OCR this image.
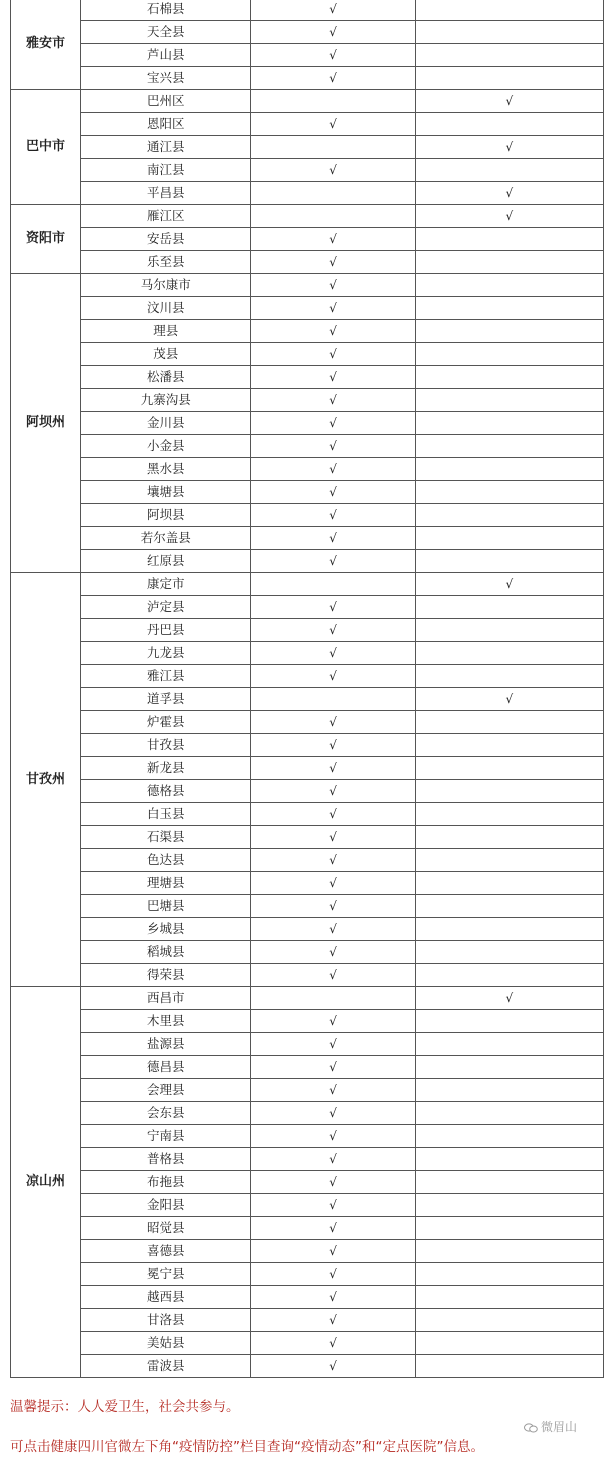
雅安市	石棉县	√	
	天全县	√	
	芦山县	√	
	宝兴县	√	
巴中市	巴州区		√
	恩阳区	√	
	通江县		√
	南江县	√	
	平昌县		√
资阳市	雁江区		√
	安岳县	√	
	乐至县	√	
阿坝州	马尔康市	√	
	汶川县	√	
	理县	√	
	茂县	√	
	松潘县	√	
	九寨沟县	√	
	金川县	√	
	小金县	√	
	黑水县	√	
	壤塘县	√	
	阿坝县	√	
	若尔盖县	√	
	红原县	√	
甘孜州	康定市		√
	泸定县	√	
	丹巴县	√	
	九龙县	√	
	雅江县	√	
	道孚县		√
	炉霍县	√	
	甘孜县	√	
	新龙县	√	
	德格县	√	
	白玉县	√	
	石渠县	√	
	色达县	√	
	理塘县	√	
	巴塘县	√	
	乡城县	√	
	稻城县	√	
	得荣县	√	
凉山州	西昌市		√
	木里县	√	
	盐源县	√	
	德昌县	√	
	会理县	√	
	会东县	√	
	宁南县	√	
	普格县	√	
	布拖县	√	
	金阳县	√	
	昭觉县	√	
	喜德县	√	
	冕宁县	√	
	越西县	√	
	甘洛县	√	
	美姑县	√	
	雷波县	√	
温馨提示：人人爱卫生，社会共参与。
微眉山
可点击健康四川官微左下角“疫情防控”栏目查询“疫情动态”和“定点医院”信息。
